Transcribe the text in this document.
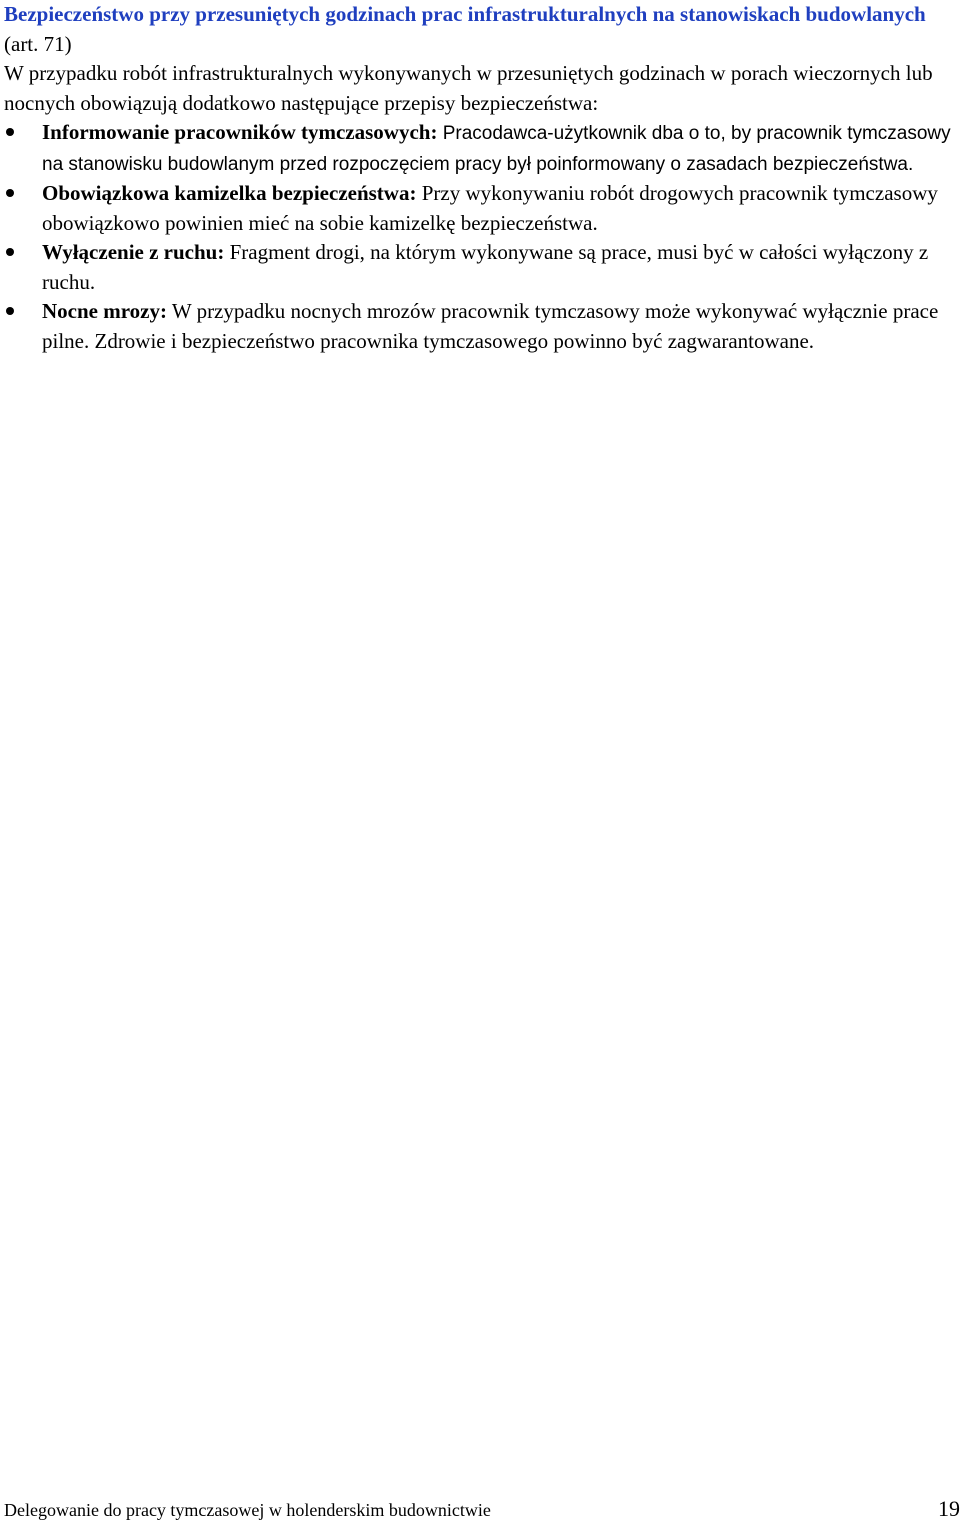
Bezpieczeństwo przy przesuniętych godzinach prac infrastrukturalnych na stanowiskach budowlanych (art. 71)

W przypadku robót infrastrukturalnych wykonywanych w przesuniętych godzinach w porach wieczornych lub nocnych obowiązują dodatkowo następujące przepisy bezpieczeństwa:

Informowanie pracowników tymczasowych: Pracodawca-użytkownik dba o to, by pracownik tymczasowy na stanowisku budowlanym przed rozpoczęciem pracy był poinformowany o zasadach bezpieczeństwa.
Obowiązkowa kamizelka bezpieczeństwa: Przy wykonywaniu robót drogowych pracownik tymczasowy obowiązkowo powinien mieć na sobie kamizelkę bezpieczeństwa.
Wyłączenie z ruchu: Fragment drogi, na którym wykonywane są prace, musi być w całości wyłączony z ruchu.
Nocne mrozy: W przypadku nocnych mrozów pracownik tymczasowy może wykonywać wyłącznie prace pilne. Zdrowie i bezpieczeństwo pracownika tymczasowego powinno być zagwarantowane.
Delegowanie do pracy tymczasowej w holenderskim budownictwie	19
